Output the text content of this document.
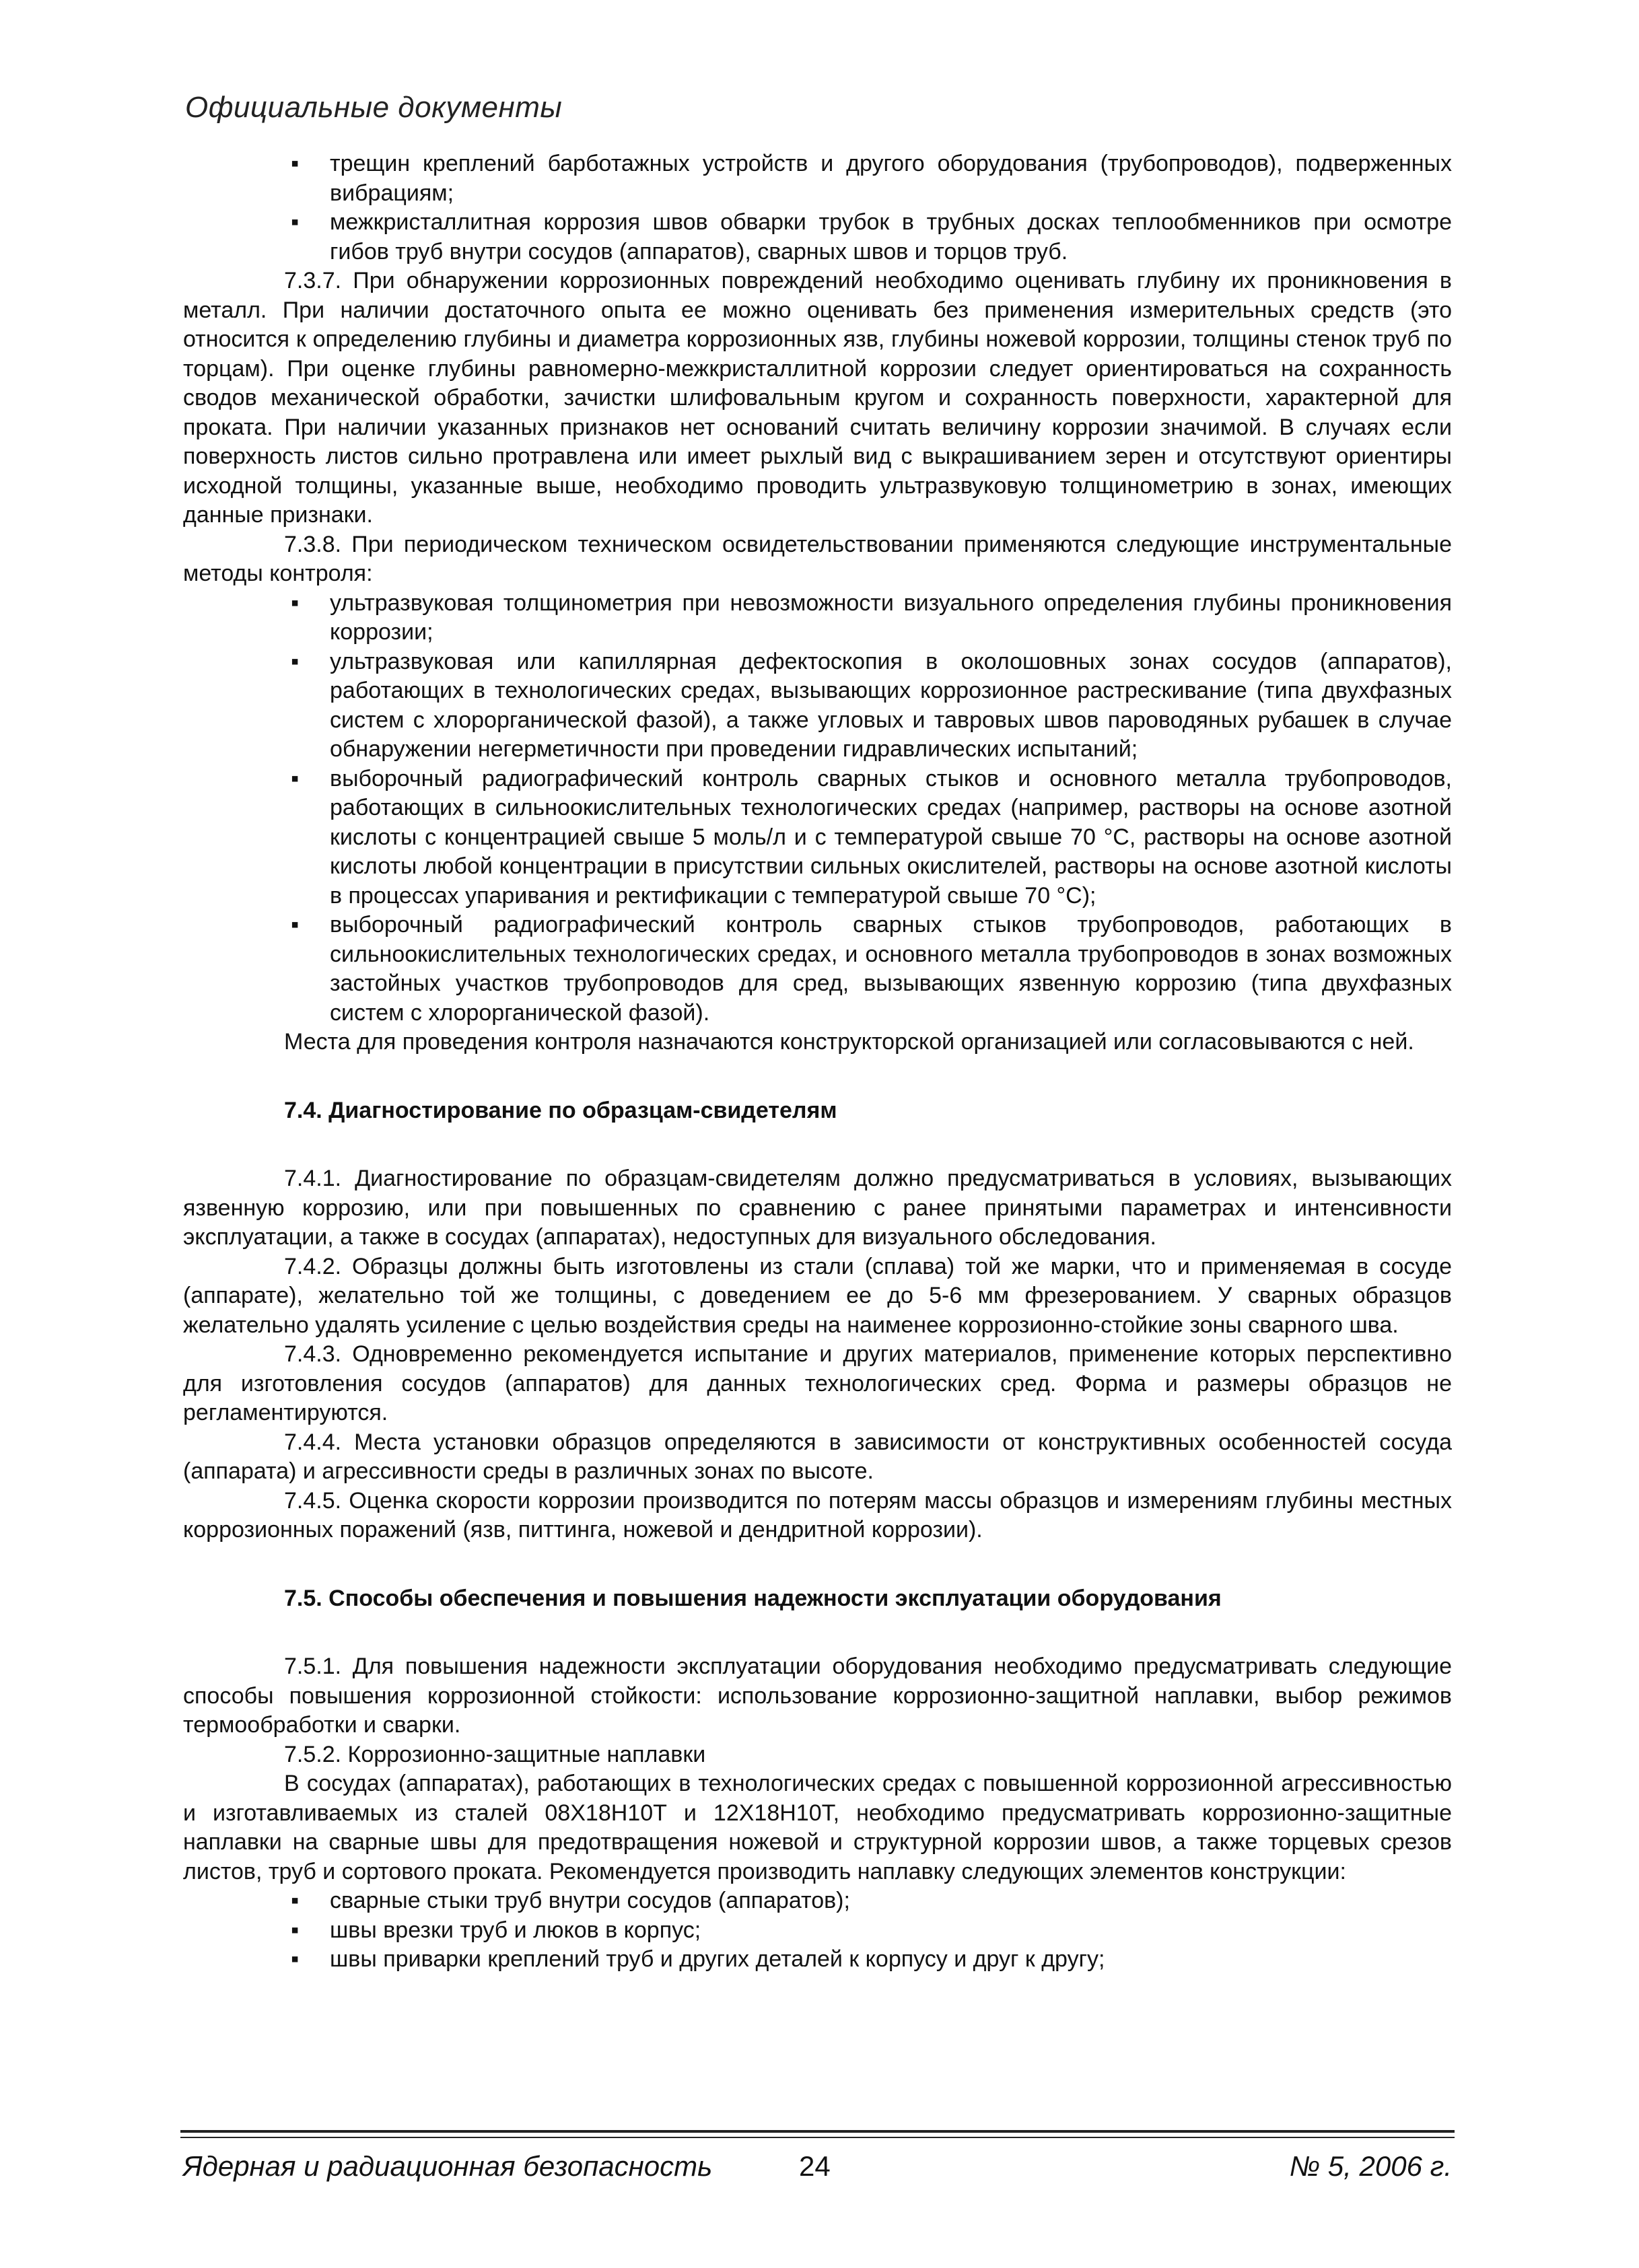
Официальные документы

▪ трещин креплений барботажных устройств и другого оборудования (трубопроводов), подверженных вибрациям;

▪ межкристаллитная коррозия швов обварки трубок в трубных досках теплообменников при осмотре гибов труб внутри сосудов (аппаратов), сварных швов и торцов труб.

7.3.7. При обнаружении коррозионных повреждений необходимо оценивать глубину их проникновения в металл. При наличии достаточного опыта ее можно оценивать без применения измерительных средств (это относится к определению глубины и диаметра коррозионных язв, глубины ножевой коррозии, толщины стенок труб по торцам). При оценке глубины равномерно-межкристаллитной коррозии следует ориентироваться на сохранность сводов механической обработки, зачистки шлифовальным кругом и сохранность поверхности, характерной для проката. При наличии указанных признаков нет оснований считать величину коррозии значимой. В случаях если поверхность листов сильно протравлена или имеет рыхлый вид с выкрашиванием зерен и отсутствуют ориентиры исходной толщины, указанные выше, необходимо проводить ультразвуковую толщинометрию в зонах, имеющих данные признаки.

7.3.8. При периодическом техническом освидетельствовании применяются следующие инструментальные методы контроля:

▪ ультразвуковая толщинометрия при невозможности визуального определения глубины проникновения коррозии;

▪ ультразвуковая или капиллярная дефектоскопия в околошовных зонах сосудов (аппаратов), работающих в технологических средах, вызывающих коррозионное растрескивание (типа двухфазных систем с хлорорганической фазой), а также угловых и тавровых швов пароводяных рубашек в случае обнаружении негерметичности при проведении гидравлических испытаний;

▪ выборочный радиографический контроль сварных стыков и основного металла трубопроводов, работающих в сильноокислительных технологических средах (например, растворы на основе азотной кислоты с концентрацией свыше 5 моль/л и с температурой свыше 70 °С, растворы на основе азотной кислоты любой концентрации в присутствии сильных окислителей, растворы на основе азотной кислоты в процессах упаривания и ректификации с температурой свыше 70 °С);

▪ выборочный радиографический контроль сварных стыков трубопроводов, работающих в сильноокислительных технологических средах, и основного металла трубопроводов в зонах возможных застойных участков трубопроводов для сред, вызывающих язвенную коррозию (типа двухфазных систем с хлорорганической фазой).

Места для проведения контроля назначаются конструкторской организацией или согласовываются с ней.

7.4. Диагностирование по образцам-свидетелям

7.4.1. Диагностирование по образцам-свидетелям должно предусматриваться в условиях, вызывающих язвенную коррозию, или при повышенных по сравнению с ранее принятыми параметрах и интенсивности эксплуатации, а также в сосудах (аппаратах), недоступных для визуального обследования.

7.4.2. Образцы должны быть изготовлены из стали (сплава) той же марки, что и применяемая в сосуде (аппарате), желательно той же толщины, с доведением ее до 5-6 мм фрезерованием. У сварных образцов желательно удалять усиление с целью воздействия среды на наименее коррозионно-стойкие зоны сварного шва.

7.4.3. Одновременно рекомендуется испытание и других материалов, применение которых перспективно для изготовления сосудов (аппаратов) для данных технологических сред. Форма и размеры образцов не регламентируются.

7.4.4. Места установки образцов определяются в зависимости от конструктивных особенностей сосуда (аппарата) и агрессивности среды в различных зонах по высоте.

7.4.5. Оценка скорости коррозии производится по потерям массы образцов и измерениям глубины местных коррозионных поражений (язв, питтинга, ножевой и дендритной коррозии).

7.5. Способы обеспечения и повышения надежности эксплуатации оборудования

7.5.1. Для повышения надежности эксплуатации оборудования необходимо предусматривать следующие способы повышения коррозионной стойкости: использование коррозионно-защитной наплавки, выбор режимов термообработки и сварки.

7.5.2. Коррозионно-защитные наплавки

В сосудах (аппаратах), работающих в технологических средах с повышенной коррозионной агрессивностью и изготавливаемых из сталей 08Х18Н10Т и 12Х18Н10Т, необходимо предусматривать коррозионно-защитные наплавки на сварные швы для предотвращения ножевой и структурной коррозии швов, а также торцевых срезов листов, труб и сортового проката. Рекомендуется производить наплавку следующих элементов конструкции:

▪ сварные стыки труб внутри сосудов (аппаратов);

▪ швы врезки труб и люков в корпус;

▪ швы приварки креплений труб и других деталей к корпусу и друг к другу;

Ядерная и радиационная безопасность	24	№ 5, 2006 г.
